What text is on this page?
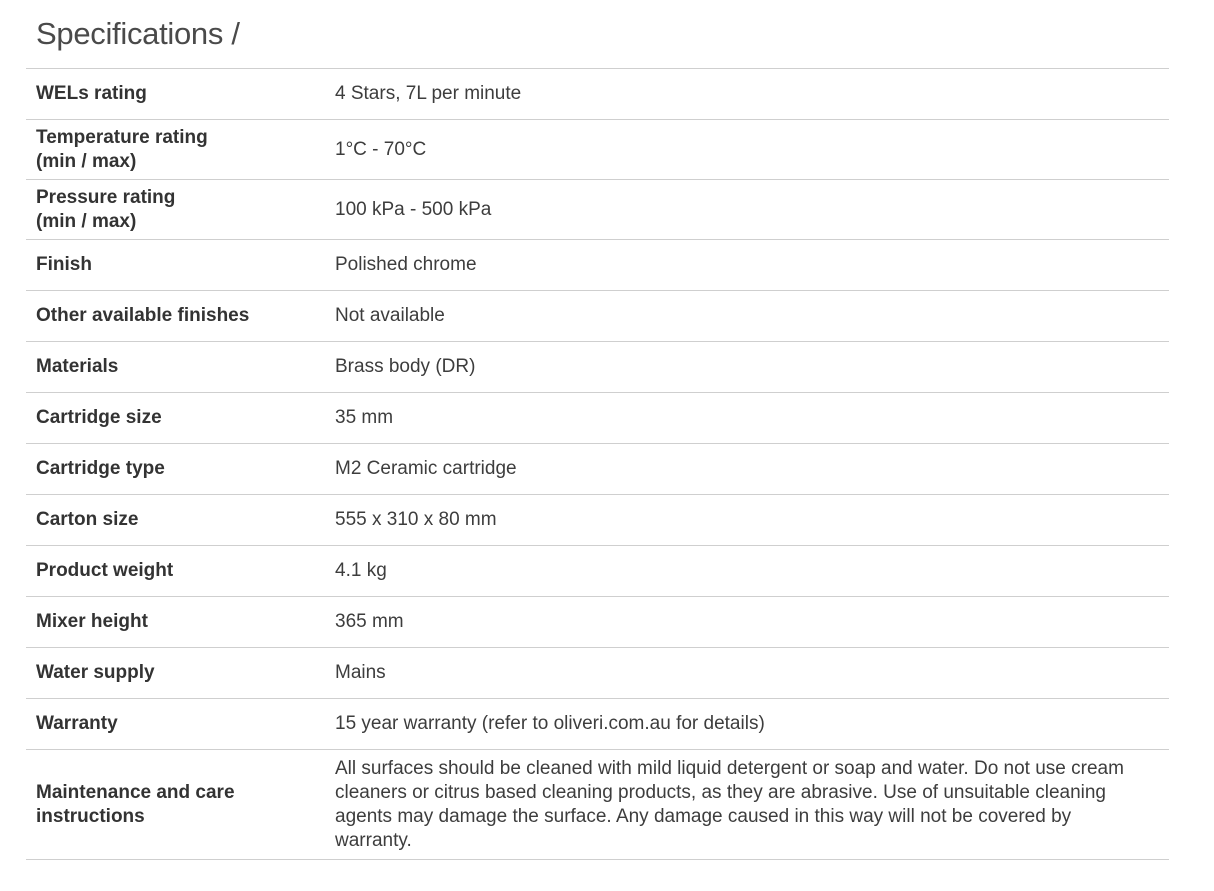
Specifications /
WELs rating	4 Stars, 7L per minute
Temperature rating
(min / max)	1°C - 70°C
Pressure rating
(min / max)	100 kPa - 500 kPa
Finish	Polished chrome
Other available finishes	Not available
Materials	Brass body (DR)
Cartridge size	35 mm
Cartridge type	M2 Ceramic cartridge
Carton size	555 x 310 x 80 mm
Product weight	4.1 kg
Mixer height	365 mm
Water supply	Mains
Warranty	15 year warranty (refer to oliveri.com.au for details)
Maintenance and care instructions	All surfaces should be cleaned with mild liquid detergent or soap and water. Do not use cream cleaners or citrus based cleaning products, as they are abrasive. Use of unsuitable cleaning agents may damage the surface. Any damage caused in this way will not be covered by warranty.
